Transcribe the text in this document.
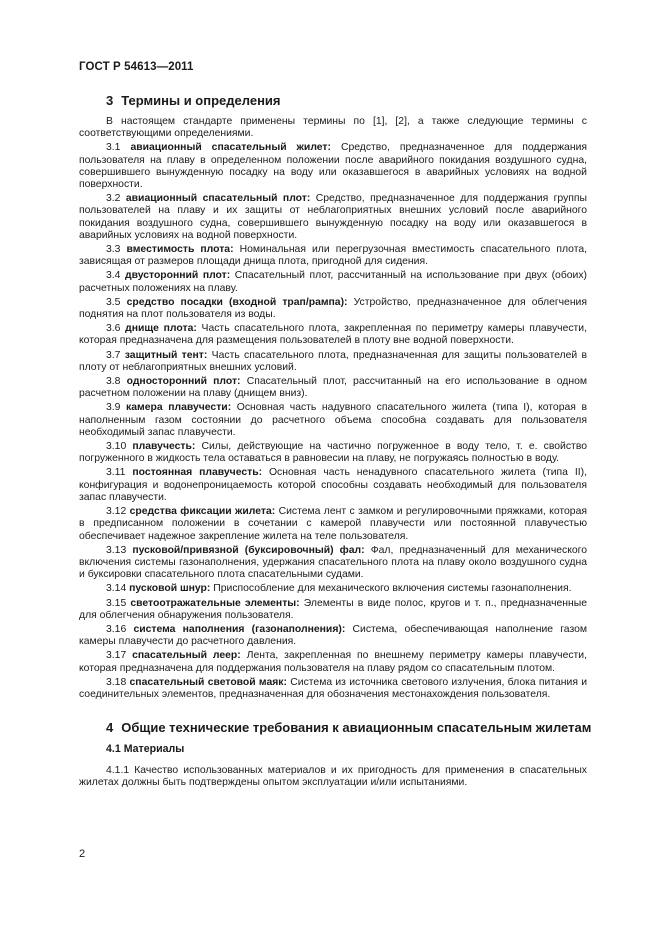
ГОСТ Р 54613—2011
3 Термины и определения

В настоящем стандарте применены термины по [1], [2], а также следующие термины с соответствующими определениями.

3.1 авиационный спасательный жилет: Средство, предназначенное для поддержания пользователя на плаву в определенном положении после аварийного покидания воздушного судна, совершившего вынужденную посадку на воду или оказавшегося в аварийных условиях на водной поверхности.

3.2 авиационный спасательный плот: Средство, предназначенное для поддержания группы пользователей на плаву и их защиты от неблагоприятных внешних условий после аварийного покидания воздушного судна, совершившего вынужденную посадку на воду или оказавшегося в аварийных условиях на водной поверхности.

3.3 вместимость плота: Номинальная или перегрузочная вместимость спасательного плота, зависящая от размеров площади днища плота, пригодной для сидения.

3.4 двусторонний плот: Спасательный плот, рассчитанный на использование при двух (обоих) расчетных положениях на плаву.

3.5 средство посадки (входной трап/рампа): Устройство, предназначенное для облегчения поднятия на плот пользователя из воды.

3.6 днище плота: Часть спасательного плота, закрепленная по периметру камеры плавучести, которая предназначена для размещения пользователей в плоту вне водной поверхности.

3.7 защитный тент: Часть спасательного плота, предназначенная для защиты пользователей в плоту от неблагоприятных внешних условий.

3.8 односторонний плот: Спасательный плот, рассчитанный на его использование в одном расчетном положении на плаву (днищем вниз).

3.9 камера плавучести: Основная часть надувного спасательного жилета (типа I), которая в наполненным газом состоянии до расчетного объема способна создавать для пользователя необходимый запас плавучести.

3.10 плавучесть: Силы, действующие на частично погруженное в воду тело, т. е. свойство погруженного в жидкость тела оставаться в равновесии на плаву, не погружаясь полностью в воду.

3.11 постоянная плавучесть: Основная часть ненадувного спасательного жилета (типа II), конфигурация и водонепроницаемость которой способны создавать необходимый для пользователя запас плавучести.

3.12 средства фиксации жилета: Система лент с замком и регулировочными пряжками, которая в предписанном положении в сочетании с камерой плавучести или постоянной плавучестью обеспечивает надежное закрепление жилета на теле пользователя.

3.13 пусковой/привязной (буксировочный) фал: Фал, предназначенный для механического включения системы газонаполнения, удержания спасательного плота на плаву около воздушного судна и буксировки спасательного плота спасательными судами.

3.14 пусковой шнур: Приспособление для механического включения системы газонаполнения.

3.15 светоотражательные элементы: Элементы в виде полос, кругов и т. п., предназначенные для облегчения обнаружения пользователя.

3.16 система наполнения (газонаполнения): Система, обеспечивающая наполнение газом камеры плавучести до расчетного давления.

3.17 спасательный леер: Лента, закрепленная по внешнему периметру камеры плавучести, которая предназначена для поддержания пользователя на плаву рядом со спасательным плотом.

3.18 спасательный световой маяк: Система из источника светового излучения, блока питания и соединительных элементов, предназначенная для обозначения местонахождения пользователя.

4 Общие технические требования к авиационным спасательным жилетам
4.1 Материалы

4.1.1 Качество использованных материалов и их пригодность для применения в спасательных жилетах должны быть подтверждены опытом эксплуатации и/или испытаниями.

2
